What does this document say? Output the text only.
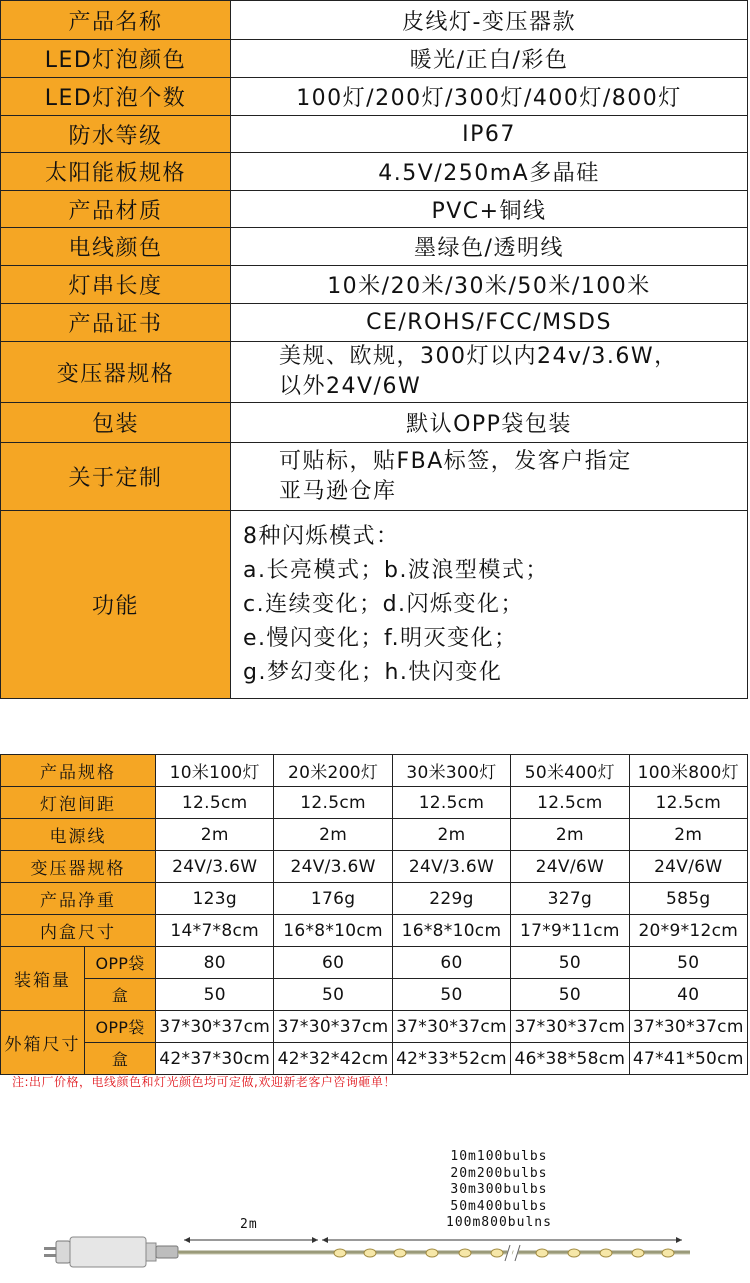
产品名称	皮线灯-变压器款
LED灯泡颜色	暖光/正白/彩色
LED灯泡个数	100灯/200灯/300灯/400灯/800灯
防水等级	IP67
太阳能板规格	4.5V/250mA多晶硅
产品材质	PVC+铜线
电线颜色	墨绿色/透明线
灯串长度	10米/20米/30米/50米/100米
产品证书	CE/ROHS/FCC/MSDS
变压器规格	美规、欧规，300灯以内24v/3.6W，
以外24V/6W

包装	默认OPP袋包装
关于定制	可贴标，贴FBA标签，发客户指定
亚马逊仓库

功能	8种闪烁模式：
a.长亮模式；b.波浪型模式；
c.连续变化；d.闪烁变化；
e.慢闪变化；f.明灭变化；
g.梦幻变化；h.快闪变化
产品规格		10米100灯	20米200灯	30米300灯	50米400灯	100米800灯
灯泡间距		12.5cm	12.5cm	12.5cm	12.5cm	12.5cm
电源线		2m	2m	2m	2m	2m
变压器规格		24V/3.6W	24V/3.6W	24V/3.6W	24V/6W	24V/6W
产品净重		123g	176g	229g	327g	585g
内盒尺寸		14*7*8cm	16*8*10cm	16*8*10cm	17*9*11cm	20*9*12cm
装箱量	OPP袋	80	60	60	50	50
	盒	50	50	50	50	40
外箱尺寸	OPP袋	37*30*37cm	37*30*37cm	37*30*37cm	37*30*37cm	37*30*37cm
	盒	42*37*30cm	42*32*42cm	42*33*52cm	46*38*58cm	47*41*50cm
注:出厂价格，电线颜色和灯光颜色均可定做,欢迎新老客户咨询砸单！
10m100bulbs
20m200bulbs
30m300bulbs
50m400bulbs
100m800bulns
2m
